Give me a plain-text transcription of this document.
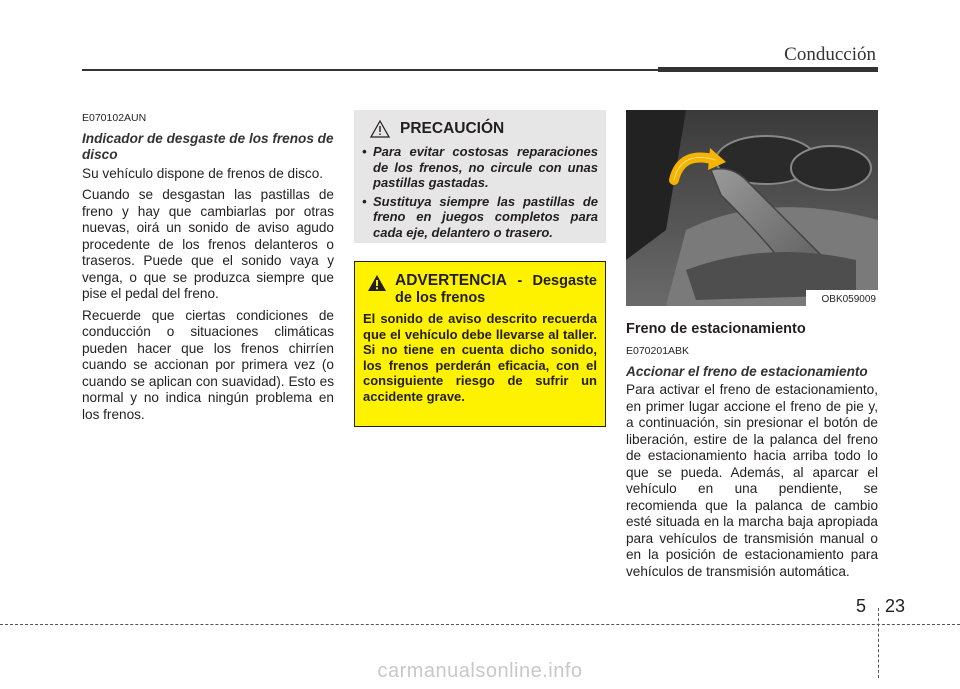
Conducción
E070102AUN
Indicador de desgaste de los frenos de disco

Su vehículo dispone de frenos de disco.

Cuando se desgastan las pastillas de freno y hay que cambiarlas por otras nuevas, oirá un sonido de aviso agudo procedente de los frenos delanteros o traseros. Puede que el sonido vaya y venga, o que se produzca siempre que pise el pedal del freno.

Recuerde que ciertas condiciones de conducción o situaciones climáticas pueden hacer que los frenos chirríen cuando se accionan por primera vez (o cuando se aplican con suavidad). Esto es normal y no indica ningún problema en los frenos.

PRECAUCIÓN
• Para evitar costosas reparaciones de los frenos, no circule con unas pastillas gastadas.
• Sustituya siempre las pastillas de freno en juegos completos para cada eje, delantero o trasero.
ADVERTENCIA - Desgaste de los frenos

El sonido de aviso descrito recuerda que el vehículo debe llevarse al taller. Si no tiene en cuenta dicho sonido, los frenos perderán eficacia, con el consiguiente riesgo de sufrir un accidente grave.

OBK059009
Freno de estacionamiento
E070201ABK
Accionar el freno de estacionamiento

Para activar el freno de estacionamiento, en primer lugar accione el freno de pie y, a continuación, sin presionar el botón de liberación, estire de la palanca del freno de estacionamiento hacia arriba todo lo que se pueda. Además, al aparcar el vehículo en una pendiente, se recomienda que la palanca de cambio esté situada en la marcha baja apropiada para vehículos de transmisión manual o en la posición de estacionamiento para vehículos de transmisión automática.

5 23
carmanualsonline.info
